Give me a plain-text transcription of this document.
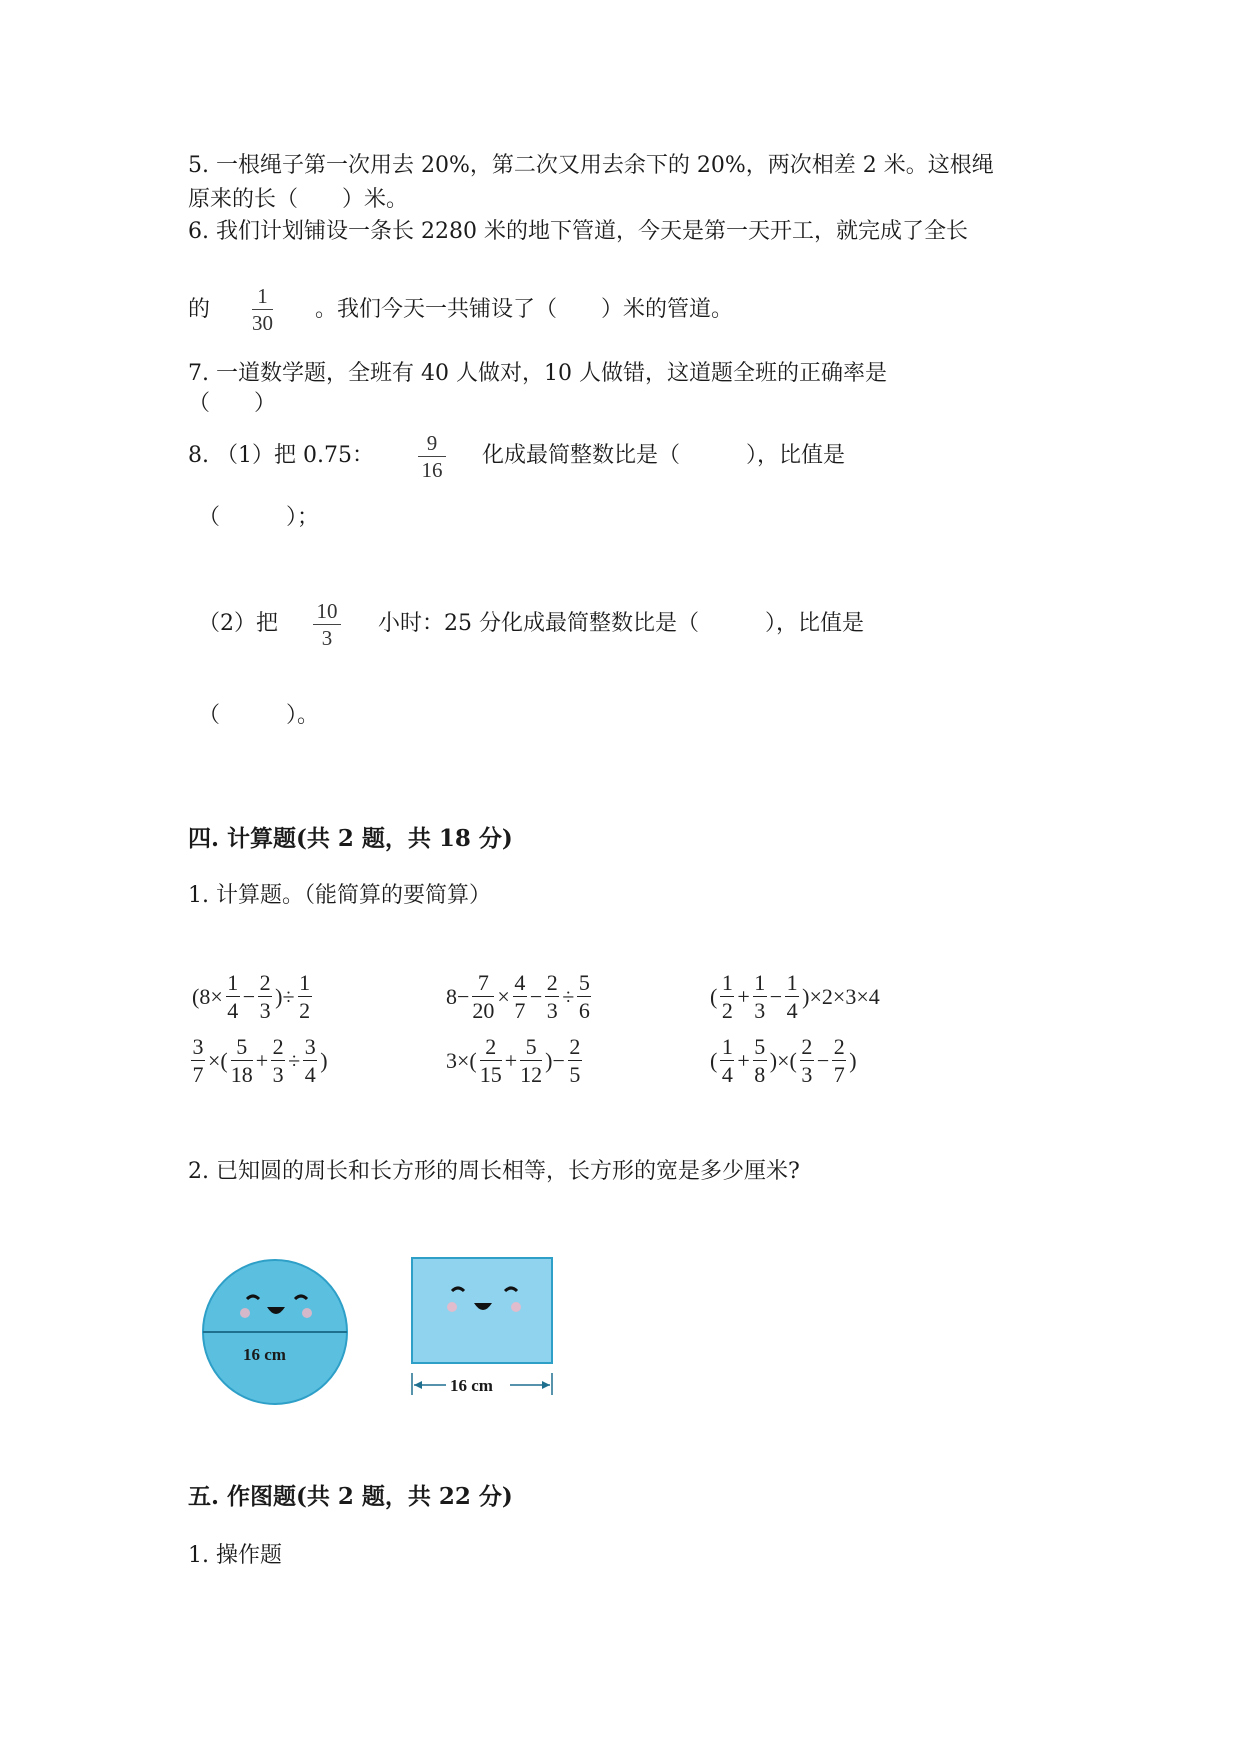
5. 一根绳子第一次用去 20%，第二次又用去余下的 20%，两次相差 2 米。这根绳
原来的长（　　）米。
6. 我们计划铺设一条长 2280 米的地下管道，今天是第一天开工，就完成了全长
的
1
30
。我们今天一共铺设了（　　）米的管道。
7. 一道数学题，全班有 40 人做对，10 人做错，这道题全班的正确率是
（　　）
8. （1）把 0.75：	9
16
化成最简整数比是（　　　），比值是
（　　　）；
（2）把 10
3
小时：25 分化成最简整数比是（　　　），比值是
（　　　）。
四. 计算题(共 2 题，共 18 分)
1. 计算题。（能简算的要简算）
(8×
1
4
−
2
3
)÷
1
2
8−
7
20
×
4
7
−
2
3
÷
5
6
(
1
2
+
1
3
−
1
4
)×2×3×4
3
7
×(
5
18
+
2
3
÷
3
4
)	3×(
2
15
+
5
12
)−
2
5
(
1
4
+
5
8
)×(
2
3
−
2
7
)
2. 已知圆的周长和长方形的周长相等，长方形的宽是多少厘米?
16 cm
16 cm
五. 作图题(共 2 题，共 22 分)
1. 操作题
